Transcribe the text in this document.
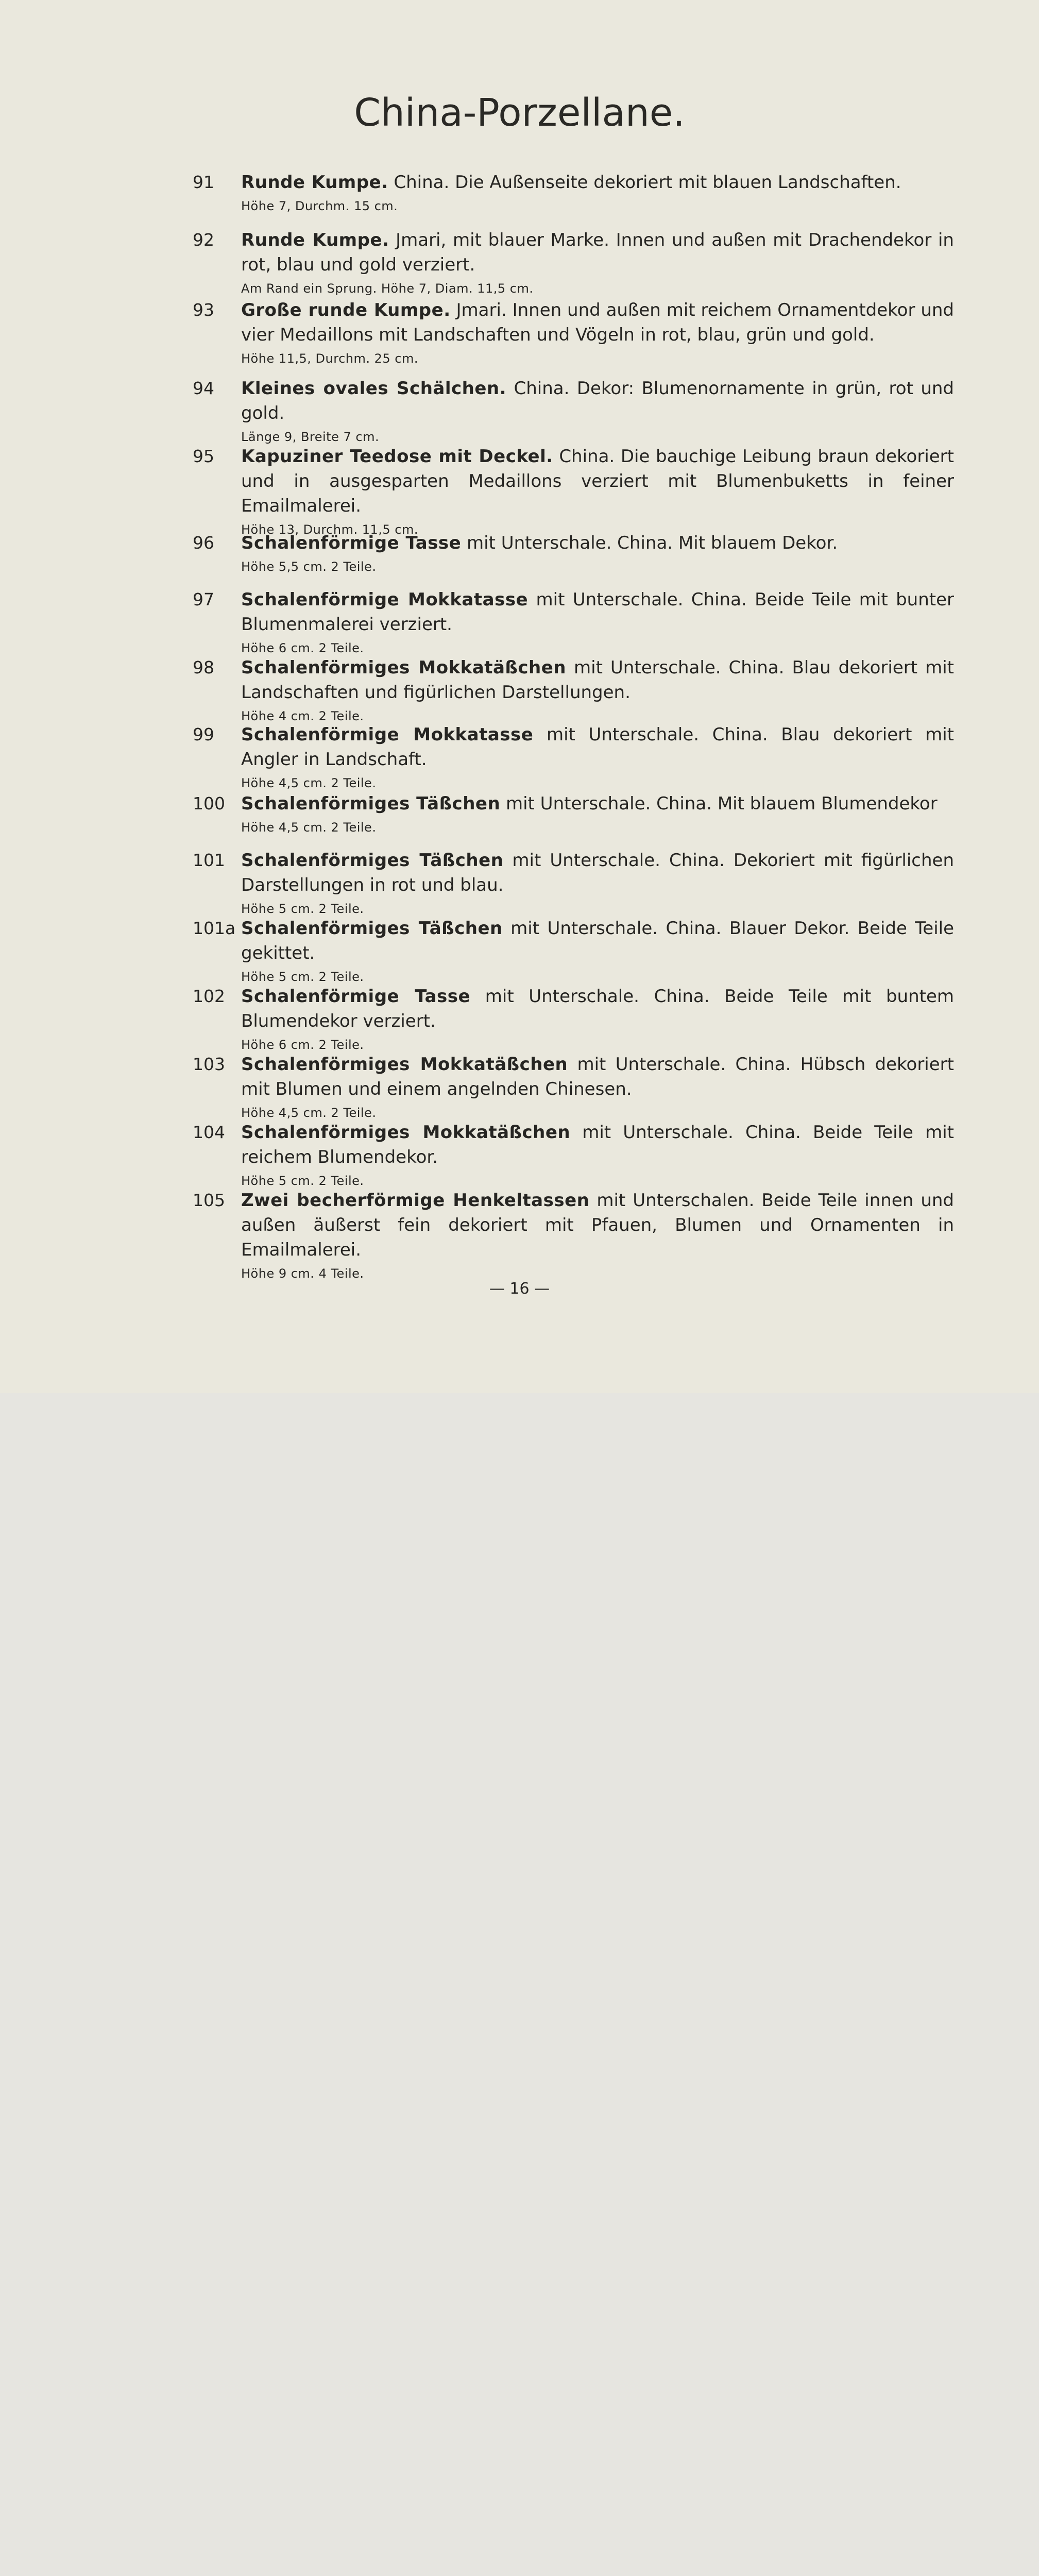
China-Porzellane.
91	Runde Kumpe. China. Die Außenseite dekoriert mit blauen Landschaften.
Höhe 7, Durchm. 15 cm.
92	Runde Kumpe. Jmari, mit blauer Marke. Innen und außen mit Drachendekor in rot, blau und gold verziert.
Am Rand ein Sprung. Höhe 7, Diam. 11,5 cm.
93	Große runde Kumpe. Jmari. Innen und außen mit reichem Ornamentdekor und vier Medaillons mit Landschaften und Vögeln in rot, blau, grün und gold.
Höhe 11,5, Durchm. 25 cm.
94	Kleines ovales Schälchen. China. Dekor: Blumenornamente in grün, rot und gold.
Länge 9, Breite 7 cm.
95	Kapuziner Teedose mit Deckel. China. Die bauchige Leibung braun dekoriert und in ausgesparten Medaillons verziert mit Blumenbuketts in feiner Emailmalerei.
Höhe 13, Durchm. 11,5 cm.
96	Schalenförmige Tasse mit Unterschale. China. Mit blauem Dekor.
Höhe 5,5 cm. 2 Teile.
97	Schalenförmige Mokkatasse mit Unterschale. China. Beide Teile mit bunter Blumenmalerei verziert.
Höhe 6 cm. 2 Teile.
98	Schalenförmiges Mokkatäßchen mit Unterschale. China. Blau dekoriert mit Landschaften und figürlichen Darstellungen.
Höhe 4 cm. 2 Teile.
99	Schalenförmige Mokkatasse mit Unterschale. China. Blau dekoriert mit Angler in Landschaft.
Höhe 4,5 cm. 2 Teile.
100 Schalenförmiges Täßchen mit Unterschale. China. Mit blauem Blumendekor
Höhe 4,5 cm. 2 Teile.
101 Schalenförmiges Täßchen mit Unterschale. China. Dekoriert mit figürlichen Darstellungen in rot und blau.
Höhe 5 cm. 2 Teile.
101a Schalenförmiges Täßchen mit Unterschale. China. Blauer Dekor. Beide Teile gekittet.
Höhe 5 cm. 2 Teile.
102 Schalenförmige Tasse mit Unterschale. China. Beide Teile mit buntem Blumendekor verziert.
Höhe 6 cm. 2 Teile.
103 Schalenförmiges Mokkatäßchen mit Unterschale. China. Hübsch dekoriert mit Blumen und einem angelnden Chinesen.
Höhe 4,5 cm. 2 Teile.
104 Schalenförmiges Mokkatäßchen mit Unterschale. China. Beide Teile mit reichem Blumendekor.
Höhe 5 cm. 2 Teile.
105 Zwei becherförmige Henkeltassen mit Unterschalen. Beide Teile innen und außen äußerst fein dekoriert mit Pfauen, Blumen und Ornamenten in Emailmalerei.
Höhe 9 cm. 4 Teile.
— 16 —
